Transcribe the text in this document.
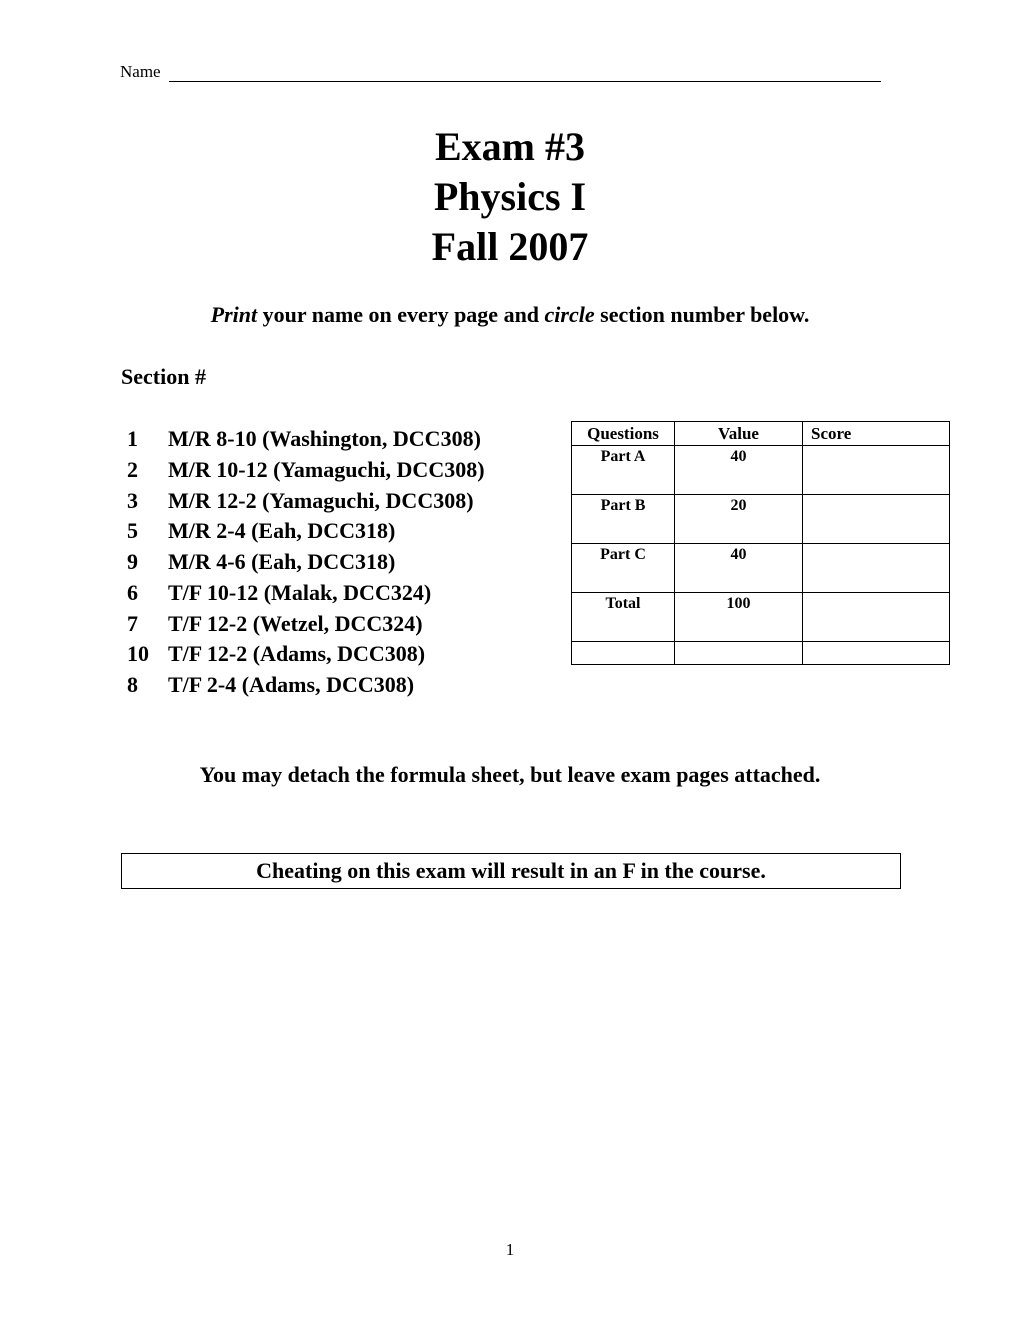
Name
Exam #3
Physics I
Fall 2007
Print your name on every page and circle section number below.
Section #
1	M/R 8-10 (Washington, DCC308)
2	M/R 10-12 (Yamaguchi, DCC308)
3	M/R 12-2 (Yamaguchi, DCC308)
5	M/R 2-4 (Eah, DCC318)
9	M/R 4-6 (Eah, DCC318)
6	T/F 10-12 (Malak, DCC324)
7	T/F 12-2 (Wetzel, DCC324)
10 T/F 12-2 (Adams, DCC308)
8	T/F 2-4 (Adams, DCC308)
Questions	Value	Score
Part A	40	
Part B	20	
Part C	40	
Total	100	

You may detach the formula sheet, but leave exam pages attached.
Cheating on this exam will result in an F in the course.
1
